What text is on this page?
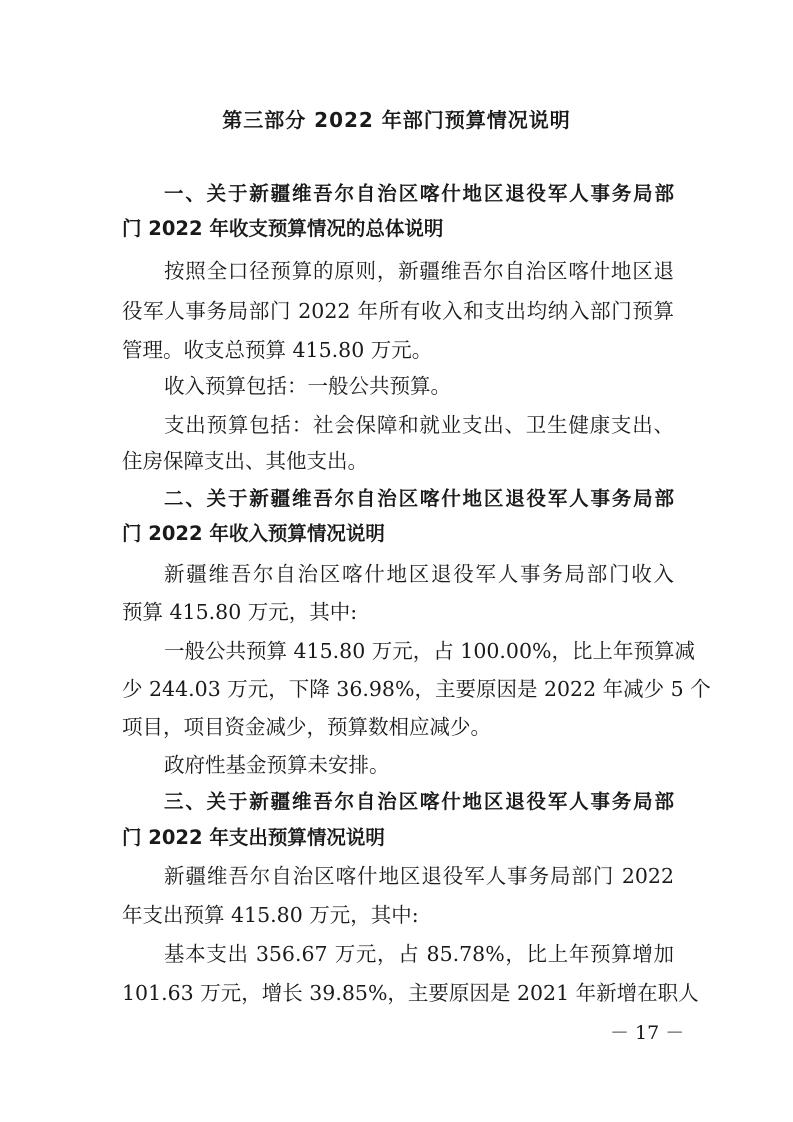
第三部分 2022 年部门预算情况说明
一、关于新疆维吾尔自治区喀什地区退役军人事务局部
门 2022 年收支预算情况的总体说明
按照全口径预算的原则，新疆维吾尔自治区喀什地区退
役军人事务局部门 2022 年所有收入和支出均纳入部门预算
管理。收支总预算 415.80 万元。
收入预算包括：一般公共预算。
支出预算包括：社会保障和就业支出、卫生健康支出、
住房保障支出、其他支出。
二、关于新疆维吾尔自治区喀什地区退役军人事务局部
门 2022 年收入预算情况说明
新疆维吾尔自治区喀什地区退役军人事务局部门收入
预算 415.80 万元，其中:
一般公共预算 415.80 万元，占 100.00%，比上年预算减
少 244.03 万元，下降 36.98%，主要原因是 2022 年减少 5 个
项目，项目资金减少，预算数相应减少。
政府性基金预算未安排。
三、关于新疆维吾尔自治区喀什地区退役军人事务局部
门 2022 年支出预算情况说明
新疆维吾尔自治区喀什地区退役军人事务局部门 2022
年支出预算 415.80 万元，其中:
基本支出 356.67 万元，占 85.78%，比上年预算增加
101.63 万元，增长 39.85%，主要原因是 2021 年新增在职人
－ 17 －
